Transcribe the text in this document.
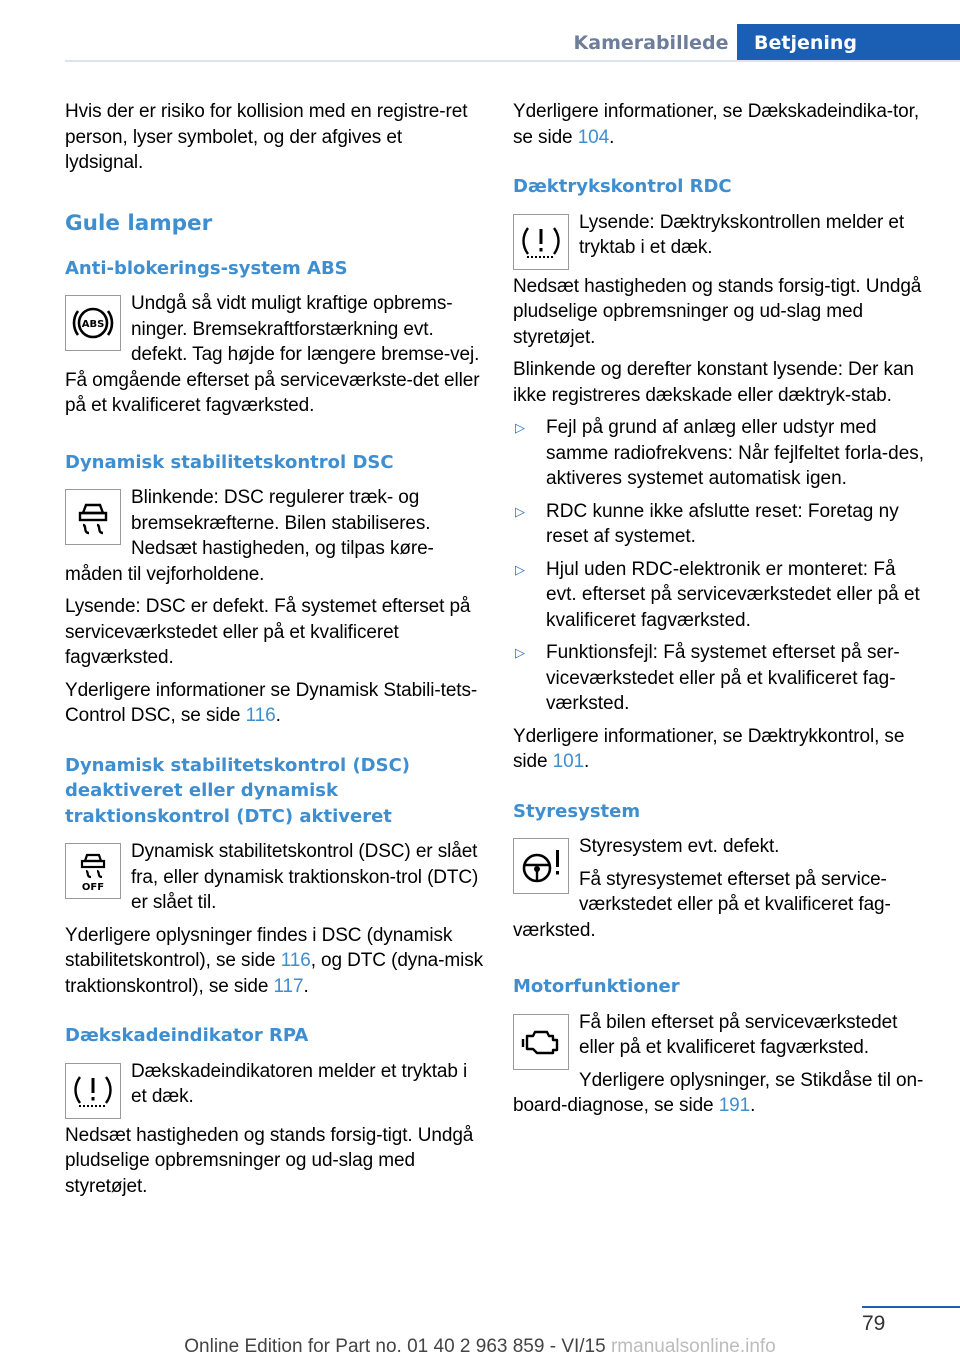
Kamerabillede	Betjening

Hvis der er risiko for kollision med en registre-ret person, lyser symbolet, og der afgives et lydsignal.

Gule lamper
Anti-blokerings-system ABS
ABS

Undgå så vidt muligt kraftige opbrems-ninger. Bremsekraftforstærkning evt. defekt. Tag højde for længere bremse-vej. Få omgående efterset på serviceværkste-det eller på et kvalificeret fagværksted.

Dynamisk stabilitetskontrol DSC

Blinkende: DSC regulerer træk- og bremsekræfterne. Bilen stabiliseres. Nedsæt hastigheden, og tilpas køre-måden til vejforholdene.

Lysende: DSC er defekt. Få systemet efterset på serviceværkstedet eller på et kvalificeret fagværksted.

Yderligere informationer se Dynamisk Stabili-tets-Control DSC, se side 116.

Dynamisk stabilitetskontrol (DSC) deaktiveret eller dynamisk traktionskontrol (DTC) aktiveret
OFF

Dynamisk stabilitetskontrol (DSC) er slået fra, eller dynamisk traktionskon-trol (DTC) er slået til.

Yderligere oplysninger findes i DSC (dynamisk stabilitetskontrol), se side 116, og DTC (dyna-misk traktionskontrol), se side 117.

Dækskadeindikator RPA

Dækskadeindikatoren melder et tryktab i et dæk.

Nedsæt hastigheden og stands forsig-tigt. Undgå pludselige opbremsninger og ud-slag med styretøjet.

Yderligere informationer, se Dækskadeindika-tor, se side 104.

Dæktrykskontrol RDC

Lysende: Dæktrykskontrollen melder et tryktab i et dæk.

Nedsæt hastigheden og stands forsig-tigt. Undgå pludselige opbremsninger og ud-slag med styretøjet.

Blinkende og derefter konstant lysende: Der kan ikke registreres dækskade eller dæktryk-stab.

▷ Fejl på grund af anlæg eller udstyr med samme radiofrekvens: Når fejlfeltet forla-des, aktiveres systemet automatisk igen.
▷ RDC kunne ikke afslutte reset: Foretag ny reset af systemet.
▷ Hjul uden RDC-elektronik er monteret: Få evt. efterset på serviceværkstedet eller på et kvalificeret fagværksted.
▷ Funktionsfejl: Få systemet efterset på ser-viceværkstedet eller på et kvalificeret fag-værksted.

Yderligere informationer, se Dæktrykkontrol, se side 101.

Styresystem

Styresystem evt. defekt.

Få styresystemet efterset på service-værkstedet eller på et kvalificeret fag-værksted.

Motorfunktioner

Få bilen efterset på serviceværkstedet eller på et kvalificeret fagværksted.

Yderligere oplysninger, se Stikdåse til on-board-diagnose, se side 191.

79
Online Edition for Part no. 01 40 2 963 859 - VI/15 rmanualsonline.info
